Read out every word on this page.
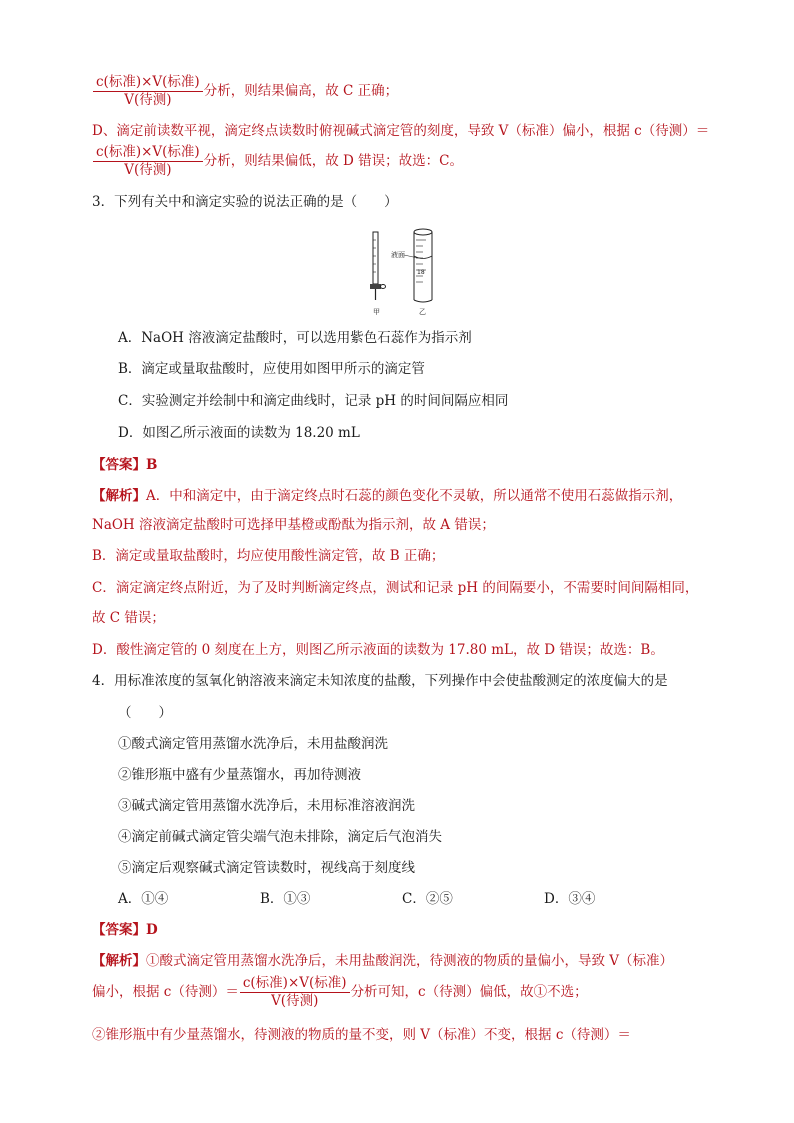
$\frac{\text{c(标准)×V(标准)}}{\text{V(待测)}}$ 分析，则结果偏高，故 C 正确；
D、滴定前读数平视，滴定终点读数时俯视碱式滴定管的刻度，导致 V（标准）偏小，根据 c（待测）＝
$\frac{\text{c(标准)×V(标准)}}{\text{V(待测)}}$ 分析，则结果偏低，故 D 错误；故选：C。
3．下列有关中和滴定实验的说法正确的是（　　）
甲
液面
18
乙
A．NaOH 溶液滴定盐酸时，可以选用紫色石蕊作为指示剂
B．滴定或量取盐酸时，应使用如图甲所示的滴定管
C．实验测定并绘制中和滴定曲线时，记录 pH 的时间间隔应相同
D．如图乙所示液面的读数为 18.20 mL
【答案】B
【解析】A．中和滴定中，由于滴定终点时石蕊的颜色变化不灵敏，所以通常不使用石蕊做指示剂，
NaOH 溶液滴定盐酸时可选择甲基橙或酚酞为指示剂，故 A 错误；
B．滴定或量取盐酸时，均应使用酸性滴定管，故 B 正确；
C．滴定滴定终点附近，为了及时判断滴定终点，测试和记录 pH 的间隔要小，不需要时间间隔相同，
故 C 错误；
D．酸性滴定管的 0 刻度在上方，则图乙所示液面的读数为 17.80 mL，故 D 错误；故选：B。
4．用标准浓度的氢氧化钠溶液来滴定未知浓度的盐酸，下列操作中会使盐酸测定的浓度偏大的是
（　　）
①酸式滴定管用蒸馏水洗净后，未用盐酸润洗
②锥形瓶中盛有少量蒸馏水，再加待测液
③碱式滴定管用蒸馏水洗净后，未用标准溶液润洗
④滴定前碱式滴定管尖端气泡未排除，滴定后气泡消失
⑤滴定后观察碱式滴定管读数时，视线高于刻度线
A．①④	B．①③	C．②⑤	D．③④
【答案】D
【解析】①酸式滴定管用蒸馏水洗净后，未用盐酸润洗，待测液的物质的量偏小，导致 V（标准）
偏小，根据 c（待测）＝ $\frac{\text{c(标准)×V(标准)}}{\text{V(待测)}}$ 分析可知，c（待测）偏低，故①不选；
②锥形瓶中有少量蒸馏水，待测液的物质的量不变，则 V（标准）不变，根据 c（待测）＝
